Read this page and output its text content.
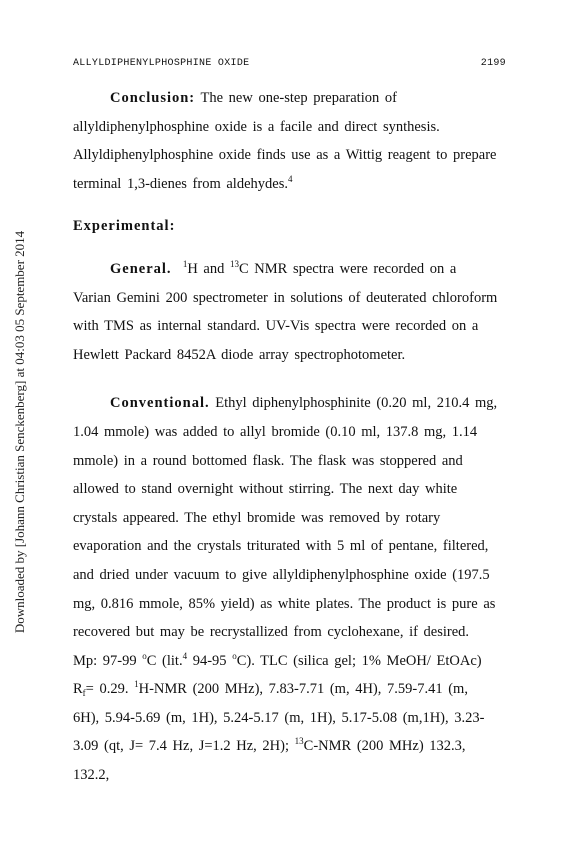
Downloaded by [Johann Christian Senckenberg] at 04:03 05 September 2014
ALLYLDIPHENYLPHOSPHINE OXIDE	2199

Conclusion: The new one-step preparation of allyldiphenylphosphine oxide is a facile and direct synthesis. Allyldiphenylphosphine oxide finds use as a Wittig reagent to prepare terminal 1,3-dienes from aldehydes.$^4$

Experimental:

General. $^1$H and $^{13}$C NMR spectra were recorded on a Varian Gemini 200 spectrometer in solutions of deuterated chloroform with TMS as internal standard. UV-Vis spectra were recorded on a Hewlett Packard 8452A diode array spectrophotometer.

Conventional. Ethyl diphenylphosphinite (0.20 ml, 210.4 mg, 1.04 mmole) was added to allyl bromide (0.10 ml, 137.8 mg, 1.14 mmole) in a round bottomed flask. The flask was stoppered and allowed to stand overnight without stirring. The next day white crystals appeared. The ethyl bromide was removed by rotary evaporation and the crystals triturated with 5 ml of pentane, filtered, and dried under vacuum to give allyldiphenylphosphine oxide (197.5 mg, 0.816 mmole, 85% yield) as white plates. The product is pure as recovered but may be recrystallized from cyclohexane, if desired. Mp: 97-99 $^o$C (lit.$^4$ 94-95 $^o$C). TLC (silica gel; 1% MeOH/ EtOAc) $R_f= 0.29$. $^1$H-NMR (200 MHz), 7.83-7.71 (m, 4H), 7.59-7.41 (m, 6H), 5.94-5.69 (m, 1H), 5.24-5.17 (m, 1H), 5.17-5.08 (m,1H), 3.23-3.09 (qt, J= 7.4 Hz, J=1.2 Hz, 2H); $^{13}$C-NMR (200 MHz) 132.3, 132.2,
